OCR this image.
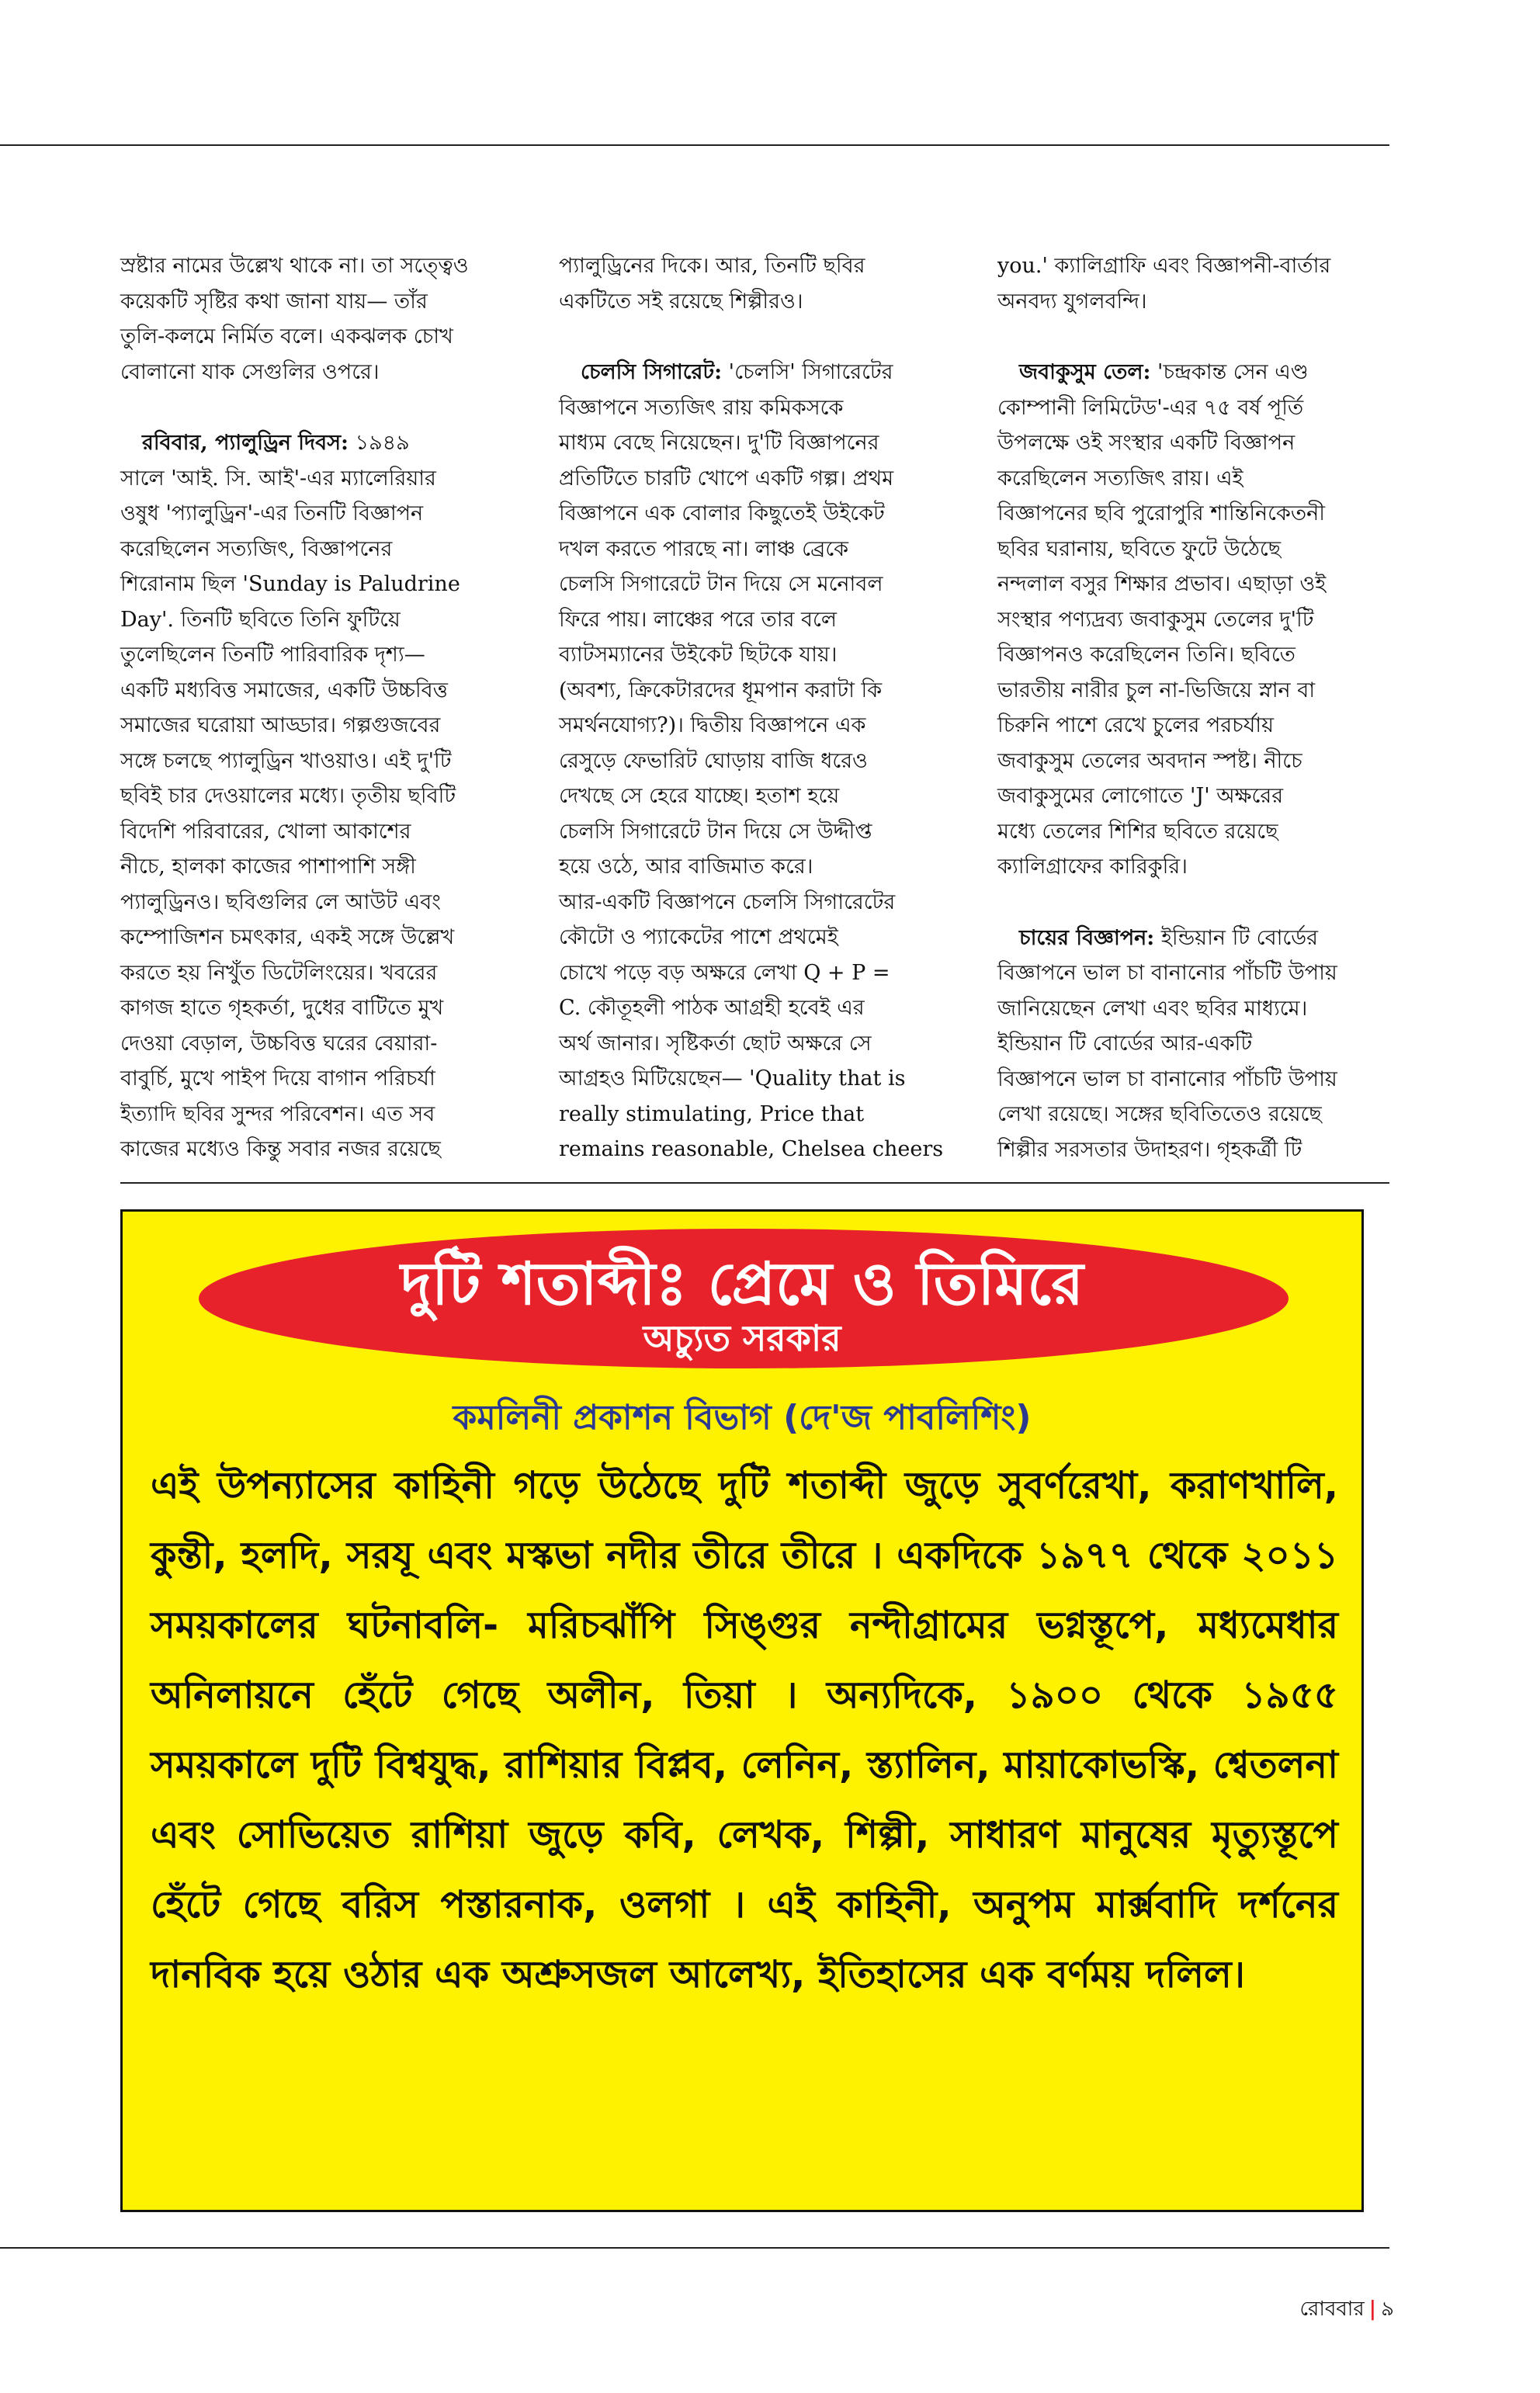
স্রষ্টার নামের উল্লেখ থাকে না। তা সত্ত্বেও

কয়েকটি সৃষ্টির কথা জানা যায়— তাঁর

তুলি-কলমে নির্মিত বলে। একঝলক চোখ

বোলানো যাক সেগুলির ওপরে।

রবিবার, প্যালুড্রিন দিবস: ১৯৪৯

সালে 'আই. সি. আই'-এর ম্যালেরিয়ার

ওষুধ 'প্যালুড্রিন'-এর তিনটি বিজ্ঞাপন

করেছিলেন সত্যজিৎ, বিজ্ঞাপনের

শিরোনাম ছিল 'Sunday is Paludrine

Day'. তিনটি ছবিতে তিনি ফুটিয়ে

তুলেছিলেন তিনটি পারিবারিক দৃশ্য—

একটি মধ্যবিত্ত সমাজের, একটি উচ্চবিত্ত

সমাজের ঘরোয়া আড্ডার। গল্পগুজবের

সঙ্গে চলছে প্যালুড্রিন খাওয়াও। এই দু'টি

ছবিই চার দেওয়ালের মধ্যে। তৃতীয় ছবিটি

বিদেশি পরিবারের, খোলা আকাশের

নীচে, হালকা কাজের পাশাপাশি সঙ্গী

প্যালুড্রিনও। ছবিগুলির লে আউট এবং

কম্পোজিশন চমৎকার, একই সঙ্গে উল্লেখ

করতে হয় নিখুঁত ডিটেলিংয়ের। খবরের

কাগজ হাতে গৃহকর্তা, দুধের বাটিতে মুখ

দেওয়া বেড়াল, উচ্চবিত্ত ঘরের বেয়ারা-

বাবুর্চি, মুখে পাইপ দিয়ে বাগান পরিচর্যা

ইত্যাদি ছবির সুন্দর পরিবেশন। এত সব

কাজের মধ্যেও কিন্তু সবার নজর রয়েছে

প্যালুড্রিনের দিকে। আর, তিনটি ছবির

একটিতে সই রয়েছে শিল্পীরও।

চেলসি সিগারেট: 'চেলসি' সিগারেটের

বিজ্ঞাপনে সত্যজিৎ রায় কমিকসকে

মাধ্যম বেছে নিয়েছেন। দু'টি বিজ্ঞাপনের

প্রতিটিতে চারটি খোপে একটি গল্প। প্রথম

বিজ্ঞাপনে এক বোলার কিছুতেই উইকেট

দখল করতে পারছে না। লাঞ্চ ব্রেকে

চেলসি সিগারেটে টান দিয়ে সে মনোবল

ফিরে পায়। লাঞ্চের পরে তার বলে

ব্যাটসম্যানের উইকেট ছিটকে যায়।

(অবশ্য, ক্রিকেটারদের ধূমপান করাটা কি

সমর্থনযোগ্য?)। দ্বিতীয় বিজ্ঞাপনে এক

রেসুড়ে ফেভারিট ঘোড়ায় বাজি ধরেও

দেখছে সে হেরে যাচ্ছে। হতাশ হয়ে

চেলসি সিগারেটে টান দিয়ে সে উদ্দীপ্ত

হয়ে ওঠে, আর বাজিমাত করে।

আর-একটি বিজ্ঞাপনে চেলসি সিগারেটের

কৌটো ও প্যাকেটের পাশে প্রথমেই

চোখে পড়ে বড় অক্ষরে লেখা Q + P =

C. কৌতূহলী পাঠক আগ্রহী হবেই এর

অর্থ জানার। সৃষ্টিকর্তা ছোট অক্ষরে সে

আগ্রহও মিটিয়েছেন— 'Quality that is

really stimulating, Price that

remains reasonable, Chelsea cheers

you.' ক্যালিগ্রাফি এবং বিজ্ঞাপনী-বার্তার

অনবদ্য যুগলবন্দি।

জবাকুসুম তেল: 'চন্দ্রকান্ত সেন এণ্ড

কোম্পানী লিমিটেড'-এর ৭৫ বর্ষ পূর্তি

উপলক্ষে ওই সংস্থার একটি বিজ্ঞাপন

করেছিলেন সত্যজিৎ রায়। এই

বিজ্ঞাপনের ছবি পুরোপুরি শান্তিনিকেতনী

ছবির ঘরানায়, ছবিতে ফুটে উঠেছে

নন্দলাল বসুর শিক্ষার প্রভাব। এছাড়া ওই

সংস্থার পণ্যদ্রব্য জবাকুসুম তেলের দু'টি

বিজ্ঞাপনও করেছিলেন তিনি। ছবিতে

ভারতীয় নারীর চুল না-ভিজিয়ে স্নান বা

চিরুনি পাশে রেখে চুলের পরচর্যায়

জবাকুসুম তেলের অবদান স্পষ্ট। নীচে

জবাকুসুমের লোগোতে 'J' অক্ষরের

মধ্যে তেলের শিশির ছবিতে রয়েছে

ক্যালিগ্রাফের কারিকুরি।

চায়ের বিজ্ঞাপন: ইন্ডিয়ান টি বোর্ডের

বিজ্ঞাপনে ভাল চা বানানোর পাঁচটি উপায়

জানিয়েছেন লেখা এবং ছবির মাধ্যমে।

ইন্ডিয়ান টি বোর্ডের আর-একটি

বিজ্ঞাপনে ভাল চা বানানোর পাঁচটি উপায়

লেখা রয়েছে। সঙ্গের ছবিতিতেও রয়েছে

শিল্পীর সরসতার উদাহরণ। গৃহকর্ত্রী টি

দুটি শতাব্দীঃ প্রেমে ও তিমিরে
অচ্যুত সরকার
কমলিনী প্রকাশন বিভাগ (দে'জ পাবলিশিং)

এই উপন্যাসের কাহিনী গড়ে উঠেছে দুটি শতাব্দী জুড়ে সুবর্ণরেখা, করাণখালি, কুন্তী, হলদি, সরযূ এবং মস্কভা নদীর তীরে তীরে । একদিকে ১৯৭৭ থেকে ২০১১ সময়কালের ঘটনাবলি- মরিচঝাঁপি সিঙ্গুর নন্দীগ্রামের ভগ্নস্তূপে, মধ্যমেধার অনিলায়নে হেঁটে গেছে অলীন, তিয়া । অন্যদিকে, ১৯০০ থেকে ১৯৫৫ সময়কালে দুটি বিশ্বযুদ্ধ, রাশিয়ার বিপ্লব, লেনিন, স্ত্যালিন, মায়াকোভস্কি, শ্বেতলনা এবং সোভিয়েত রাশিয়া জুড়ে কবি, লেখক, শিল্পী, সাধারণ মানুষের মৃত্যুস্তূপে হেঁটে গেছে বরিস পস্তারনাক, ওলগা । এই কাহিনী, অনুপম মার্ক্সবাদি দর্শনের দানবিক হয়ে ওঠার এক অশ্রুসজল আলেখ্য, ইতিহাসের এক বর্ণময় দলিল।

রোববার | ৯
